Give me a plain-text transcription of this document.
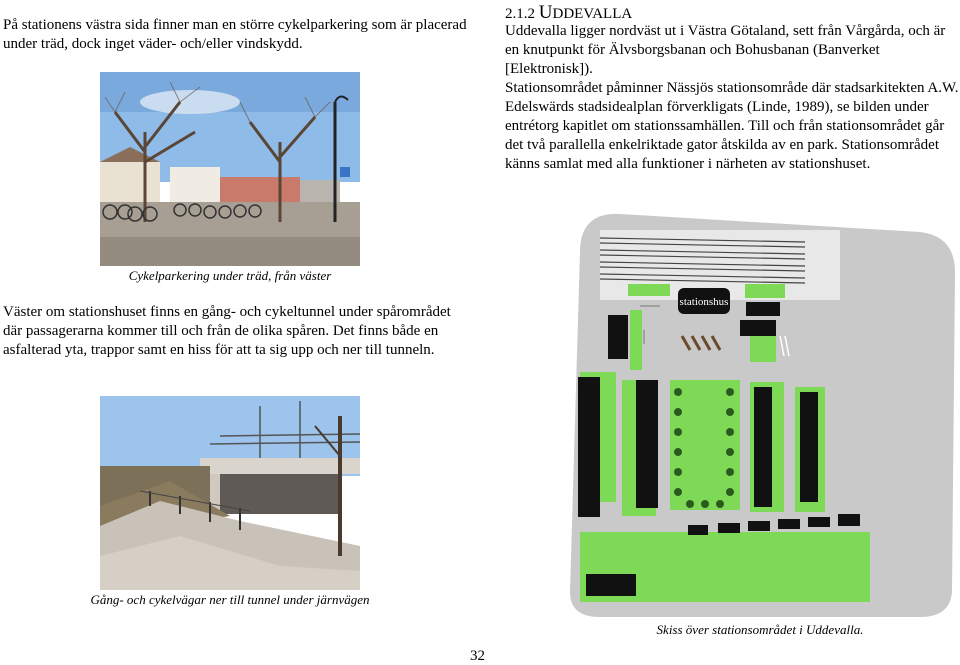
På stationens västra sida finner man en större cykelparkering som är placerad under träd, dock inget väder- och/eller vindskydd.
2.1.2 UDDEVALLA

Uddevalla ligger nordväst ut i Västra Götaland, sett från Vårgårda, och är en knutpunkt för Älvsborgsbanan och Bohusbanan (Banverket [Elektronisk]).

Stationsområdet påminner Nässjös stationsområde där stadsarkitekten A.W. Edelswärds stadsidealplan förverkligats (Linde, 1989), se bilden under entrétorg kapitlet om stationssamhällen. Till och från stationsområdet går det två parallella enkelriktade gator åtskilda av en park. Stationsområdet känns samlat med alla funktioner i närheten av stationshuset.

Cykelparkering under träd, från väster
Väster om stationshuset finns en gång- och cykeltunnel under spårområdet där passagerarna kommer till och från de olika spåren. Det finns både en asfalterad yta, trappor samt en hiss för att ta sig upp och ner till tunneln.
Gång- och cykelvägar ner till tunnel under järnvägen
stationshus
Skiss över stationsområdet i Uddevalla.
32
